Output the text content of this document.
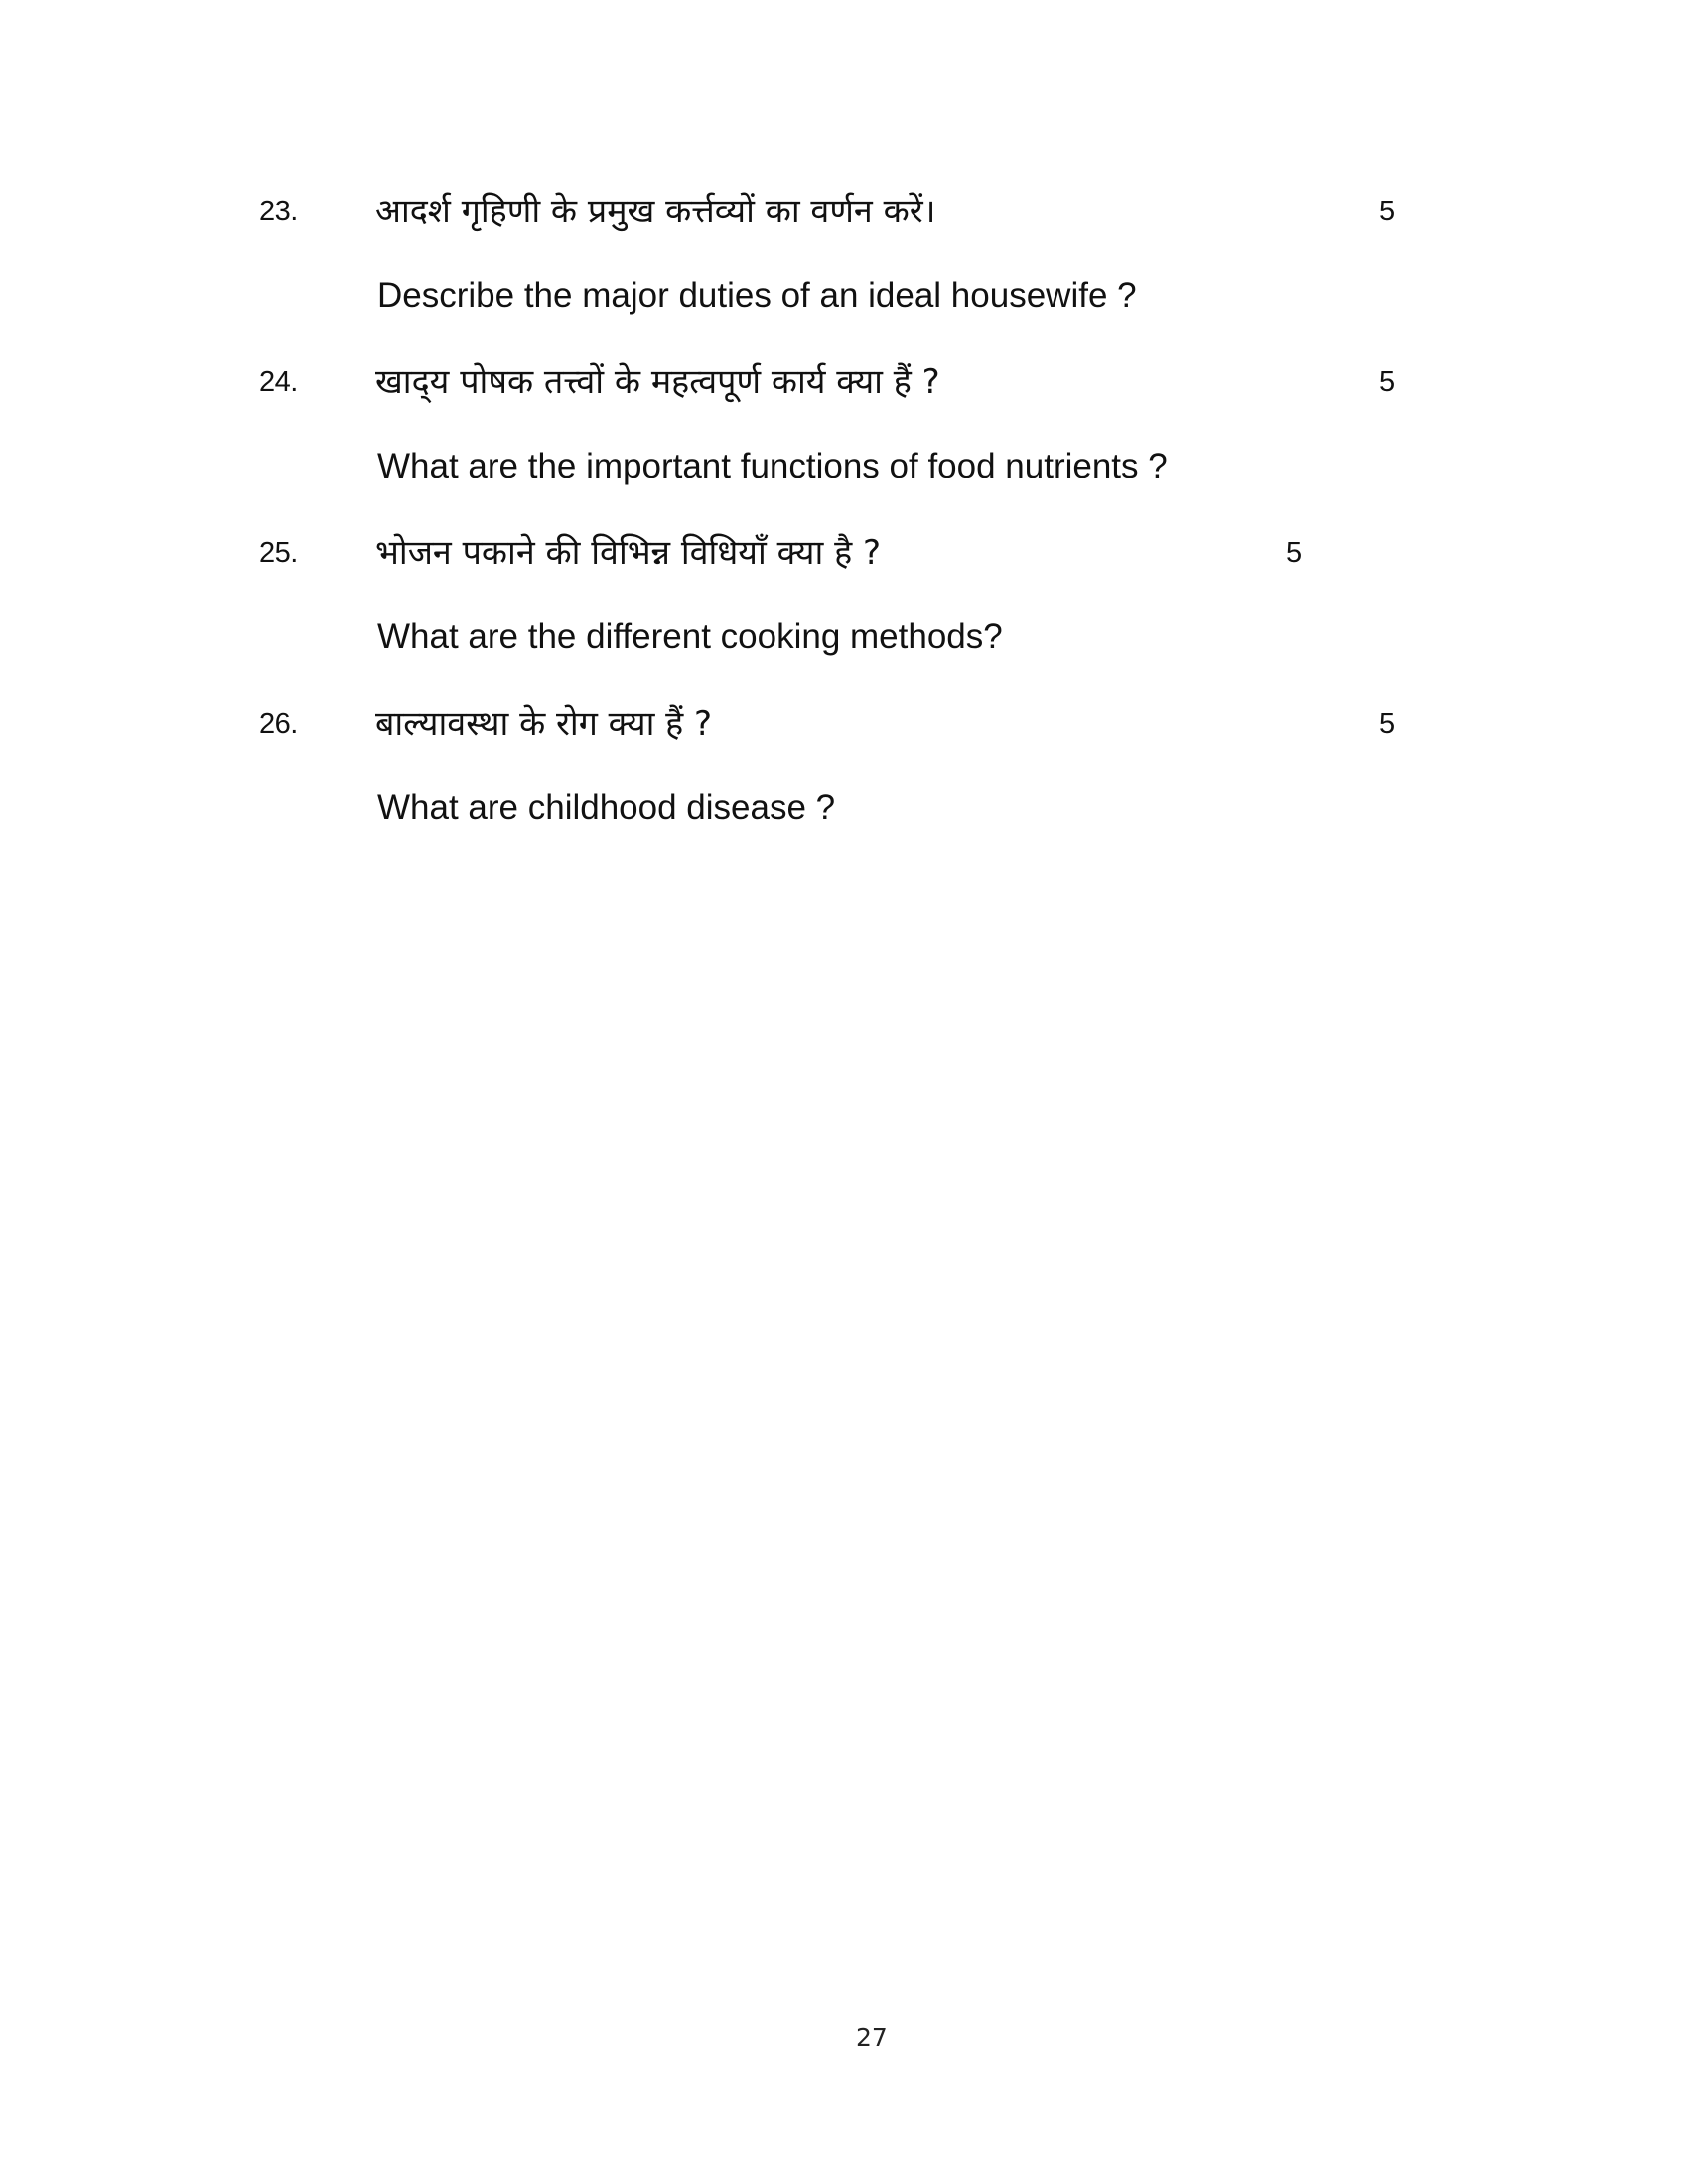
23. आदर्श गृहिणी के प्रमुख कर्त्तव्यों का वर्णन करें।	5
Describe the major duties of an ideal housewife ?
24. खाद्‌य पोषक तत्त्वों के महत्वपूर्ण कार्य क्या हैं ?	5
What are the important functions of food nutrients ?
25. भोजन पकाने की विभिन्न विधियाँ क्या है ?	5
What are the different cooking methods?
26. बाल्यावस्था के रोग क्या हैं ?	5
What are childhood disease ?
27
